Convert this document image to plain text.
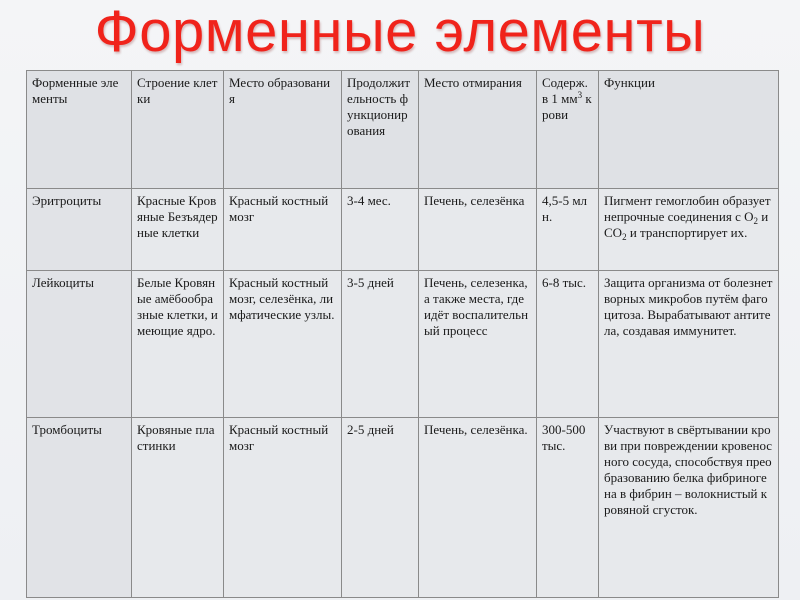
Форменные элементы
Форменные элементы	Строение клетки	Место образования	Продолжительность функционирования	Место отмирания	Содерж. в 1 $мм^3$ крови	Функции
Эритроциты	Красные Кровяные Безъядерные клетки	Красный костный мозг	3-4 мес.	Печень, селезёнка	4,5-5 млн.	Пигмент гемоглобин образует непрочные соединения с $O_2$ и $CO_2$ и транспортирует их.
Лейкоциты	Белые Кровяные амёбообразные клетки, имеющие ядро.	Красный костный мозг, селезёнка, лимфатические узлы.	3-5 дней	Печень, селезенка, а также места, где идёт воспалительный процесс	6-8 тыс.	Защита организма от болезнетворных микробов путём фагоцитоза. Вырабатывают антитела, создавая иммунитет.
Тромбоциты	Кровяные пластинки	Красный костный мозг	2-5 дней	Печень, селезёнка.	300-500 тыс.	Участвуют в свёртывании крови при повреждении кровеносного сосуда, способствуя преобразованию белка фибриногена в фибрин – волокнистый кровяной сгусток.
